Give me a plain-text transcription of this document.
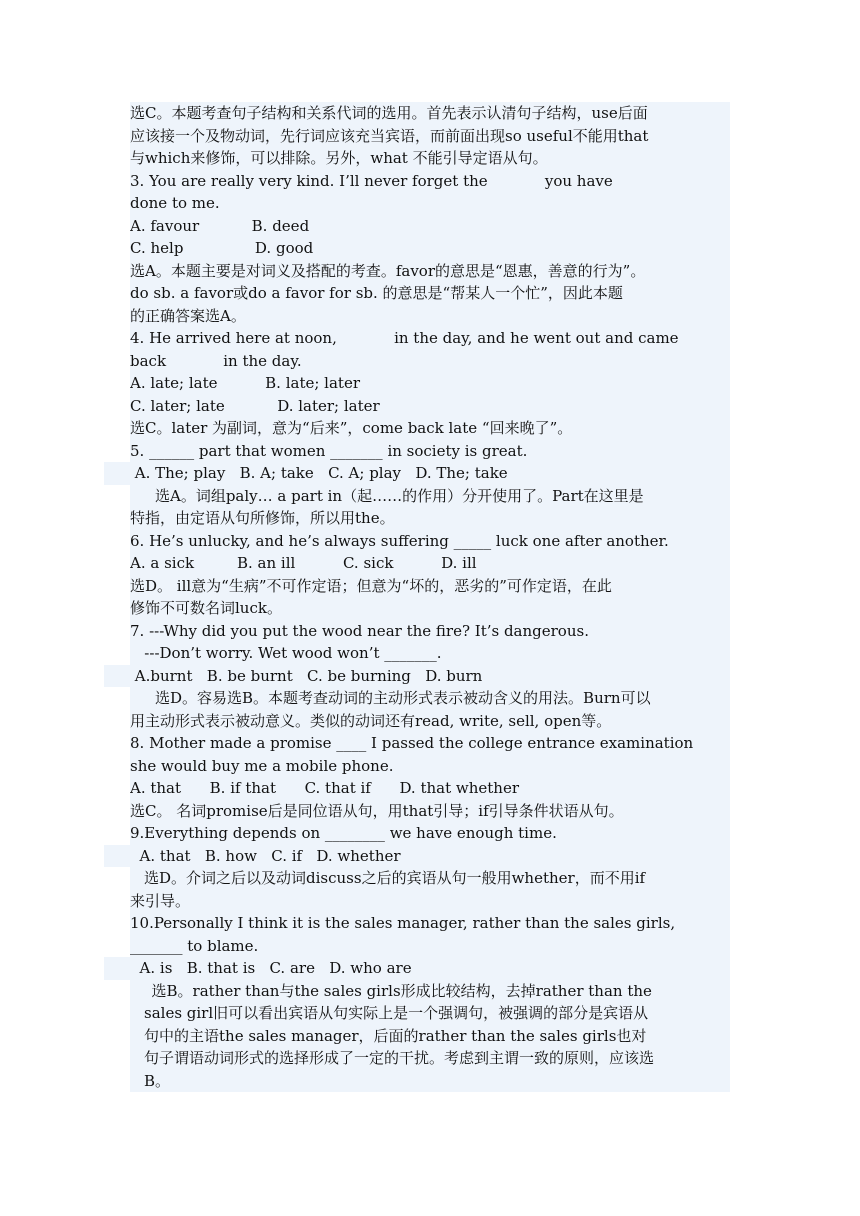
选C。本题考查句子结构和关系代词的选用。首先表示认清句子结构，use后面
应该接一个及物动词，先行词应该充当宾语，而前面出现so useful不能用that
与which来修饰，可以排除。另外，what 不能引导定语从句。
3. You are really very kind. I’ll never forget the            you have
done to me.
A. favour           B. deed
C. help               D. good
选A。本题主要是对词义及搭配的考查。favor的意思是“恩惠，善意的行为”。
do sb. a favor或do a favor for sb. 的意思是“帮某人一个忙”，因此本题
的正确答案选A。
4. He arrived here at noon,            in the day, and he went out and came
back            in the day.
A. late; late          B. late; later
C. later; late           D. later; later
选C。later 为副词，意为“后来”，come back late “回来晚了”。
5. ______ part that women _______ in society is great.
A. The; play   B. A; take   C. A; play   D. The; take
选A。词组paly… a part in（起……的作用）分开使用了。Part在这里是
特指，由定语从句所修饰，所以用the。
6. He’s unlucky, and he’s always suffering _____ luck one after another.
A. a sick         B. an ill          C. sick          D. ill
选D。 ill意为“生病”不可作定语；但意为“坏的，恶劣的”可作定语，在此
修饰不可数名词luck。
7. ---Why did you put the wood near the fire? It’s dangerous.
---Don’t worry. Wet wood won’t _______.
A.burnt   B. be burnt   C. be burning   D. burn
选D。容易选B。本题考查动词的主动形式表示被动含义的用法。Burn可以
用主动形式表示被动意义。类似的动词还有read, write, sell, open等。
8. Mother made a promise ____ I passed the college entrance examination
she would buy me a mobile phone.
A. that      B. if that      C. that if      D. that whether
选C。 名词promise后是同位语从句，用that引导；if引导条件状语从句。
9.Everything depends on ________ we have enough time.
A. that   B. how   C. if   D. whether
选D。介词之后以及动词discuss之后的宾语从句一般用whether，而不用if
来引导。
10.Personally I think it is the sales manager, rather than the sales girls,
_______ to blame.
A. is   B. that is   C. are   D. who are
选B。rather than与the sales girls形成比较结构，去掉rather than the
sales girl旧可以看出宾语从句实际上是一个强调句，被强调的部分是宾语从
句中的主语the sales manager，后面的rather than the sales girls也对
句子谓语动词形式的选择形成了一定的干扰。考虑到主谓一致的原则，应该选
B。
